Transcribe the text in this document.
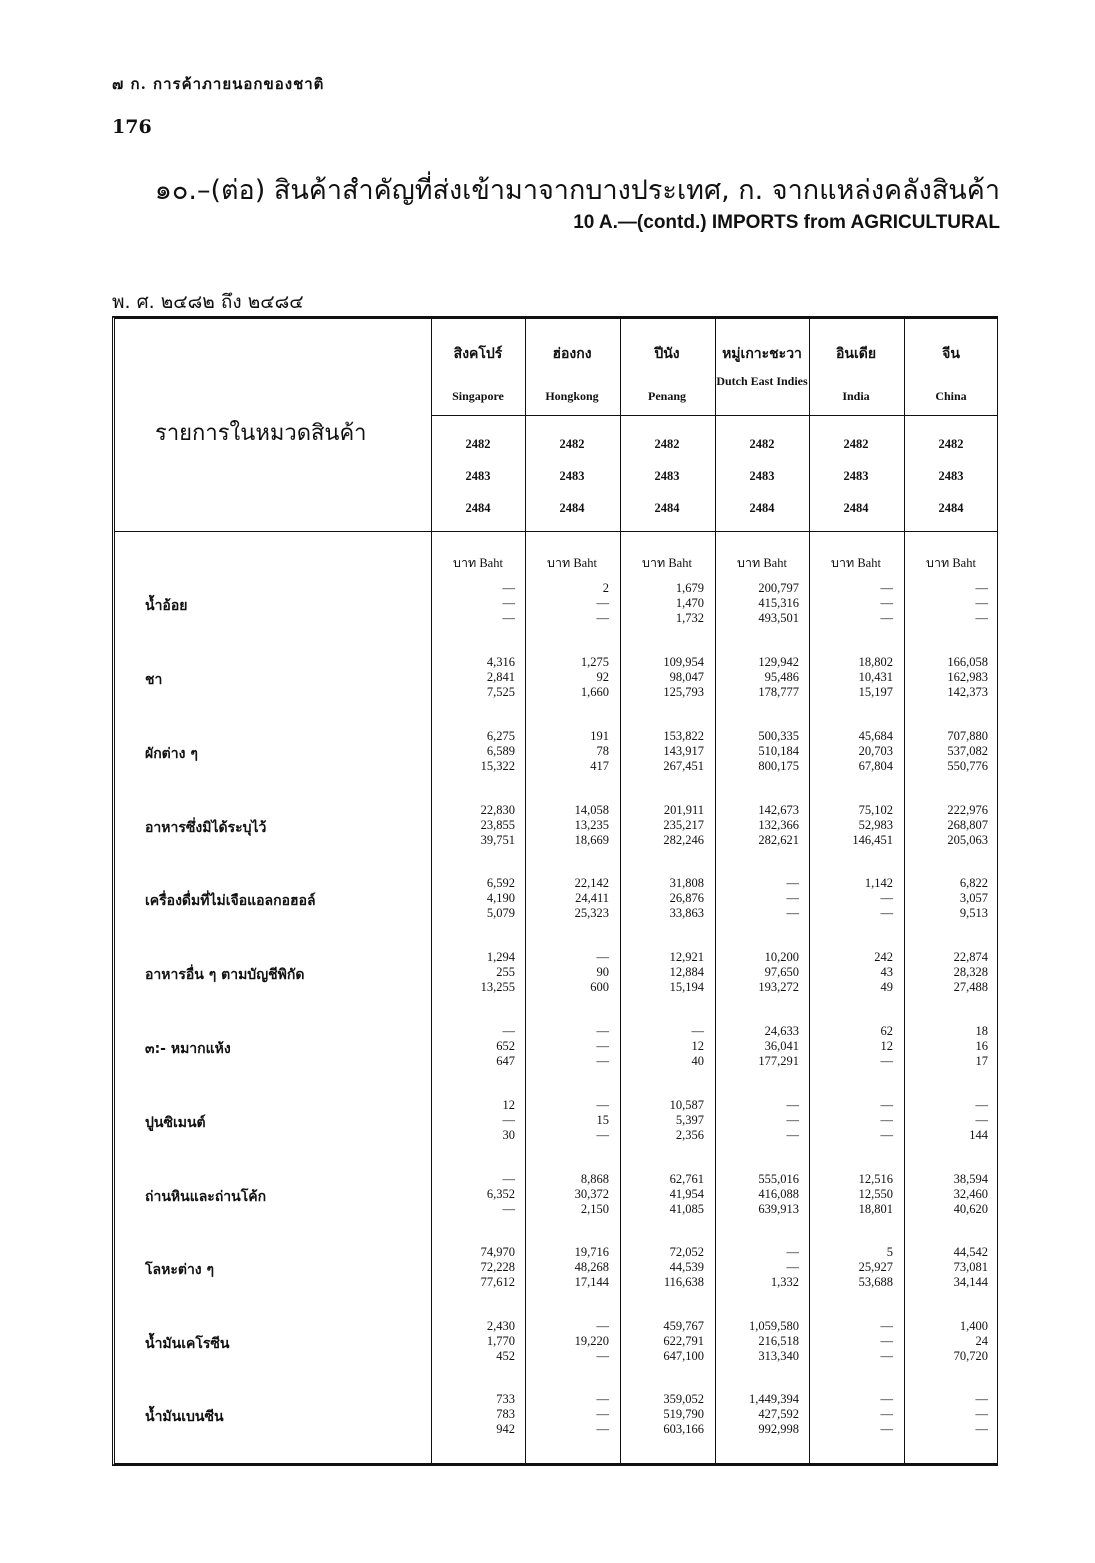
๗ ก. การค้าภายนอกของชาติ
176
๑๐.–(ต่อ) สินค้าสำคัญที่ส่งเข้ามาจากบางประเทศ, ก. จากแหล่งคลังสินค้า
10 A.—(contd.) IMPORTS from AGRICULTURAL
พ. ศ. ๒๔๘๒ ถึง ๒๔๘๔
รายการในหมวดสินค้า
สิงคโปร์
Singapore
2482
2483
2484
บาท Baht
ฮ่องกง
Hongkong
2482
2483
2484
บาท Baht
ปีนัง
Penang
2482
2483
2484
บาท Baht
หมู่เกาะชะวา
Dutch East Indies
2482
2483
2484
บาท Baht
อินเดีย
India
2482
2483
2484
บาท Baht
จีน
China
2482
2483
2484
บาท Baht
น้ำอ้อย
—
—
—
2
—
—
1,679
1,470
1,732
200,797
415,316
493,501
—
—
—
—
—
—
ชา
4,316
2,841
7,525
1,275
92
1,660
109,954
98,047
125,793
129,942
95,486
178,777
18,802
10,431
15,197
166,058
162,983
142,373
ผักต่าง ๆ
6,275
6,589
15,322
191
78
417
153,822
143,917
267,451
500,335
510,184
800,175
45,684
20,703
67,804
707,880
537,082
550,776
อาหารซึ่งมิได้ระบุไว้
22,830
23,855
39,751
14,058
13,235
18,669
201,911
235,217
282,246
142,673
132,366
282,621
75,102
52,983
146,451
222,976
268,807
205,063
เครื่องดื่มที่ไม่เจือแอลกอฮอล์
6,592
4,190
5,079
22,142
24,411
25,323
31,808
26,876
33,863
—
—
—
1,142
—
—
6,822
3,057
9,513
อาหารอื่น ๆ ตามบัญชีพิกัด
1,294
255
13,255
—
90
600
12,921
12,884
15,194
10,200
97,650
193,272
242
43
49
22,874
28,328
27,488
๓:- หมากแห้ง
—
652
647
—
—
—
—
12
40
24,633
36,041
177,291
62
12
—
18
16
17
ปูนซิเมนต์
12
—
30
—
15
—
10,587
5,397
2,356
—
—
—
—
—
—
—
—
144
ถ่านหินและถ่านโค้ก
—
6,352
—
8,868
30,372
2,150
62,761
41,954
41,085
555,016
416,088
639,913
12,516
12,550
18,801
38,594
32,460
40,620
โลหะต่าง ๆ
74,970
72,228
77,612
19,716
48,268
17,144
72,052
44,539
116,638
—
—
1,332
5
25,927
53,688
44,542
73,081
34,144
น้ำมันเคโรซีน
2,430
1,770
452
—
19,220
—
459,767
622,791
647,100
1,059,580
216,518
313,340
—
—
—
1,400
24
70,720
น้ำมันเบนซีน
733
783
942
—
—
—
359,052
519,790
603,166
1,449,394
427,592
992,998
—
—
—
—
—
—
